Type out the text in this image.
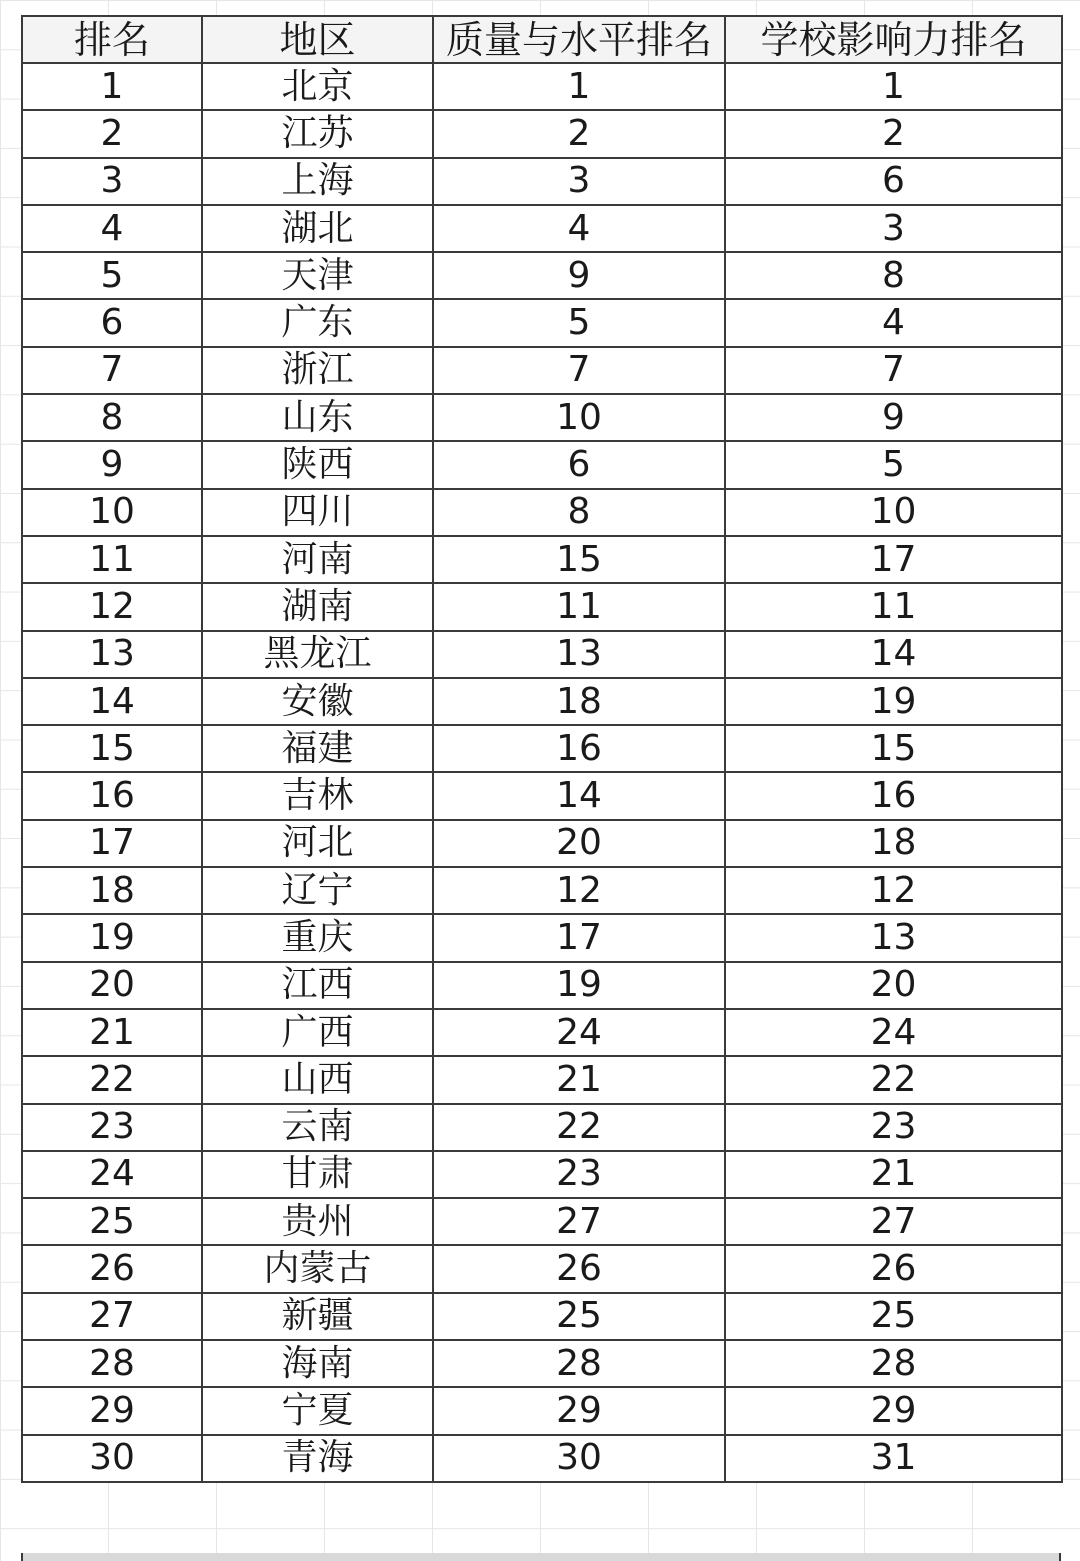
排名	地区	质量与水平排名	学校影响力排名
1	北京	1	1
2	江苏	2	2
3	上海	3	6
4	湖北	4	3
5	天津	9	8
6	广东	5	4
7	浙江	7	7
8	山东	10	9
9	陕西	6	5
10	四川	8	10
11	河南	15	17
12	湖南	11	11
13	黑龙江	13	14
14	安徽	18	19
15	福建	16	15
16	吉林	14	16
17	河北	20	18
18	辽宁	12	12
19	重庆	17	13
20	江西	19	20
21	广西	24	24
22	山西	21	22
23	云南	22	23
24	甘肃	23	21
25	贵州	27	27
26	内蒙古	26	26
27	新疆	25	25
28	海南	28	28
29	宁夏	29	29
30	青海	30	31
